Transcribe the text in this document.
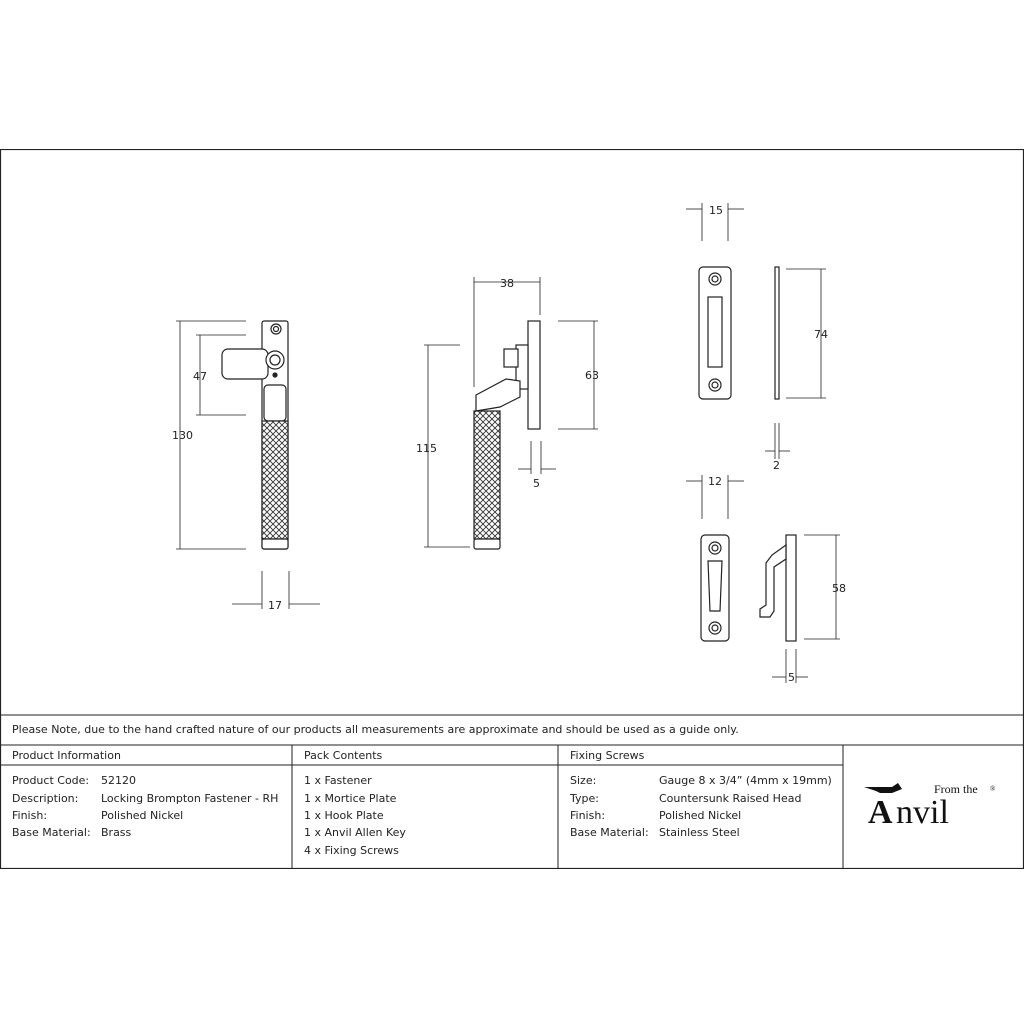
130
47
17
38
115
63
5
15
74
2
12
58
5
Please Note, due to the hand crafted nature of our products all measurements are approximate and should be used as a guide only.
Product Information	Pack Contents	Fixing Screws
Product Code: 52120
Description: Locking Brompton Fastener - RH
Finish:	Polished Nickel
Base Material: Brass
1 x Fastener
1 x Mortice Plate
1 x Hook Plate
1 x Anvil Allen Key
4 x Fixing Screws
Size:	Gauge 8 x 3/4” (4mm x 19mm)
Type:	Countersunk Raised Head
Finish:	Polished Nickel
Base Material: Stainless Steel
From the ®
A nvil
